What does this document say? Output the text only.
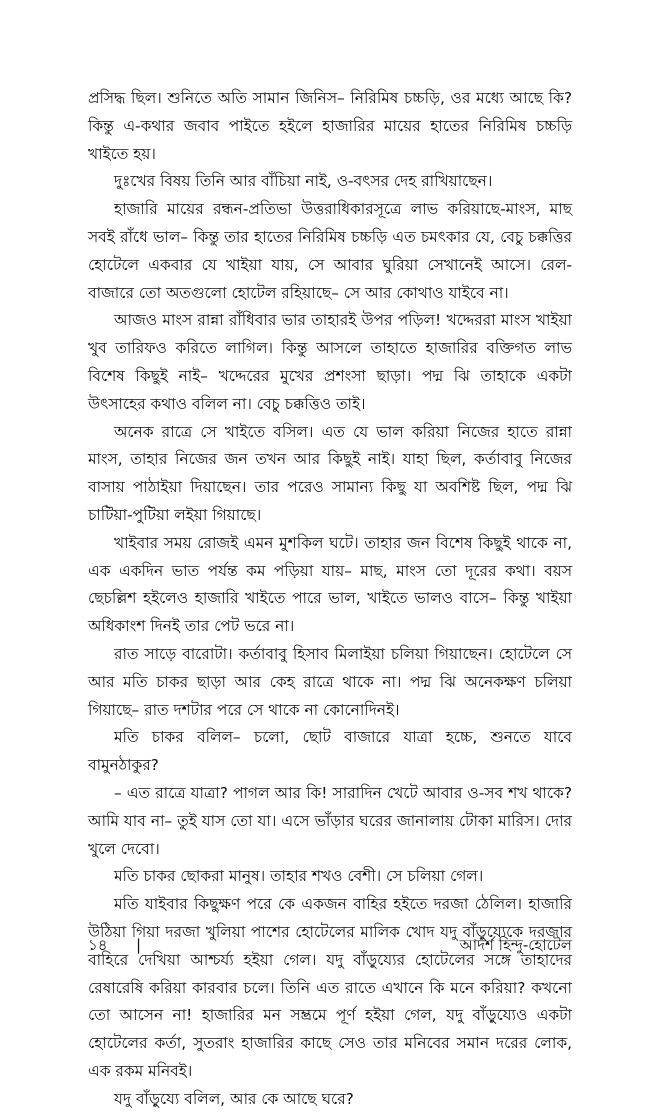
প্রসিদ্ধ ছিল। শুনিতে অতি সামান জিনিস– নিরিমিষ চচ্চড়ি, ওর মধ্যে আছে কি? কিন্তু এ-কথার জবাব পাইতে হইলে হাজারির মায়ের হাতের নিরিমিষ চচ্চড়ি খাইতে হয়।

দুঃখের বিষয় তিনি আর বাঁচিয়া নাই, ও-বৎসর দেহ রাখিয়াছেন।

হাজারি মায়ের রন্ধন-প্রতিভা উত্তরাধিকারসূত্রে লাভ করিয়াছে-মাংস, মাছ সবই রাঁধে ভাল– কিন্তু তার হাতের নিরিমিষ চচ্চড়ি এত চমৎকার যে, বেচু চক্কত্তির হোটেলে একবার যে খাইয়া যায়, সে আবার ঘুরিয়া সেখানেই আসে। রেল-বাজারে তো অতগুলো হোটেল রহিয়াছে– সে আর কোথাও যাইবে না।

আজও মাংস রান্না রাঁধিবার ভার তাহারই উপর পড়িল! খদ্দেররা মাংস খাইয়া খুব তারিফও করিতে লাগিল। কিন্তু আসলে তাহাতে হাজারির বক্তিগত লাভ বিশেষ কিছুই নাই– খদ্দেরের মুখের প্রশংসা ছাড়া। পদ্ম ঝি তাহাকে একটা উৎসাহের কথাও বলিল না। বেচু চক্কত্তিও তাই।

অনেক রাত্রে সে খাইতে বসিল। এত যে ভাল করিয়া নিজের হাতে রান্না মাংস, তাহার নিজের জন তখন আর কিছুই নাই। যাহা ছিল, কর্তাবাবু নিজের বাসায় পাঠাইয়া দিয়াছেন। তার পরেও সামান্য কিছু যা অবশিষ্ট ছিল, পদ্ম ঝি চাটিয়া-পুটিয়া লইয়া গিয়াছে।

খাইবার সময় রোজই এমন মুশকিল ঘটে। তাহার জন বিশেষ কিছুই থাকে না, এক একদিন ভাত পর্যন্ত কম পড়িয়া যায়– মাছ, মাংস তো দূরের কথা। বয়স ছেচল্লিশ হইলেও হাজারি খাইতে পারে ভাল, খাইতে ভালও বাসে– কিন্তু খাইয়া অধিকাংশ দিনই তার পেট ভরে না।

রাত সাড়ে বারোটা। কর্তাবাবু হিসাব মিলাইয়া চলিয়া গিয়াছেন। হোটেলে সে আর মতি চাকর ছাড়া আর কেহ রাত্রে থাকে না। পদ্ম ঝি অনেকক্ষণ চলিয়া গিয়াছে– রাত দশটার পরে সে থাকে না কোনোদিনই।

মতি চাকর বলিল– চলো, ছোট বাজারে যাত্রা হচ্চে, শুনতে যাবে বামুনঠাকুর?

– এত রাত্রে যাত্রা? পাগল আর কি! সারাদিন খেটে আবার ও-সব শখ থাকে? আমি যাব না– তুই যাস তো যা। এসে ভাঁড়ার ঘরের জানালায় টোকা মারিস। দোর খুলে দেবো।

মতি চাকর ছোকরা মানুষ। তাহার শখও বেশী। সে চলিয়া গেল।

মতি যাইবার কিছুক্ষণ পরে কে একজন বাহির হইতে দরজা ঠেলিল। হাজারি উঠিয়া গিয়া দরজা খুলিয়া পাশের হোটেলের মালিক খোদ যদু বাঁড়ুয্যেকে দরজার বাহিরে দেখিয়া আশ্চর্য্য হইয়া গেল। যদু বাঁড়ুয্যের হোটেলের সঙ্গে তাহাদের রেষারেষি করিয়া কারবার চলে। তিনি এত রাতে এখানে কি মনে করিয়া? কখনো তো আসেন না! হাজারির মন সম্ভ্রমে পূর্ণ হইয়া গেল, যদু বাঁড়ুয্যেও একটা হোটেলের কর্তা, সুতরাং হাজারির কাছে সেও তার মনিবের সমান দরের লোক, এক রকম মনিবই।

যদু বাঁড়ুয্যে বলিল, আর কে আছে ঘরে?

১৪ |	আদর্শ হিন্দু-হোটেল
